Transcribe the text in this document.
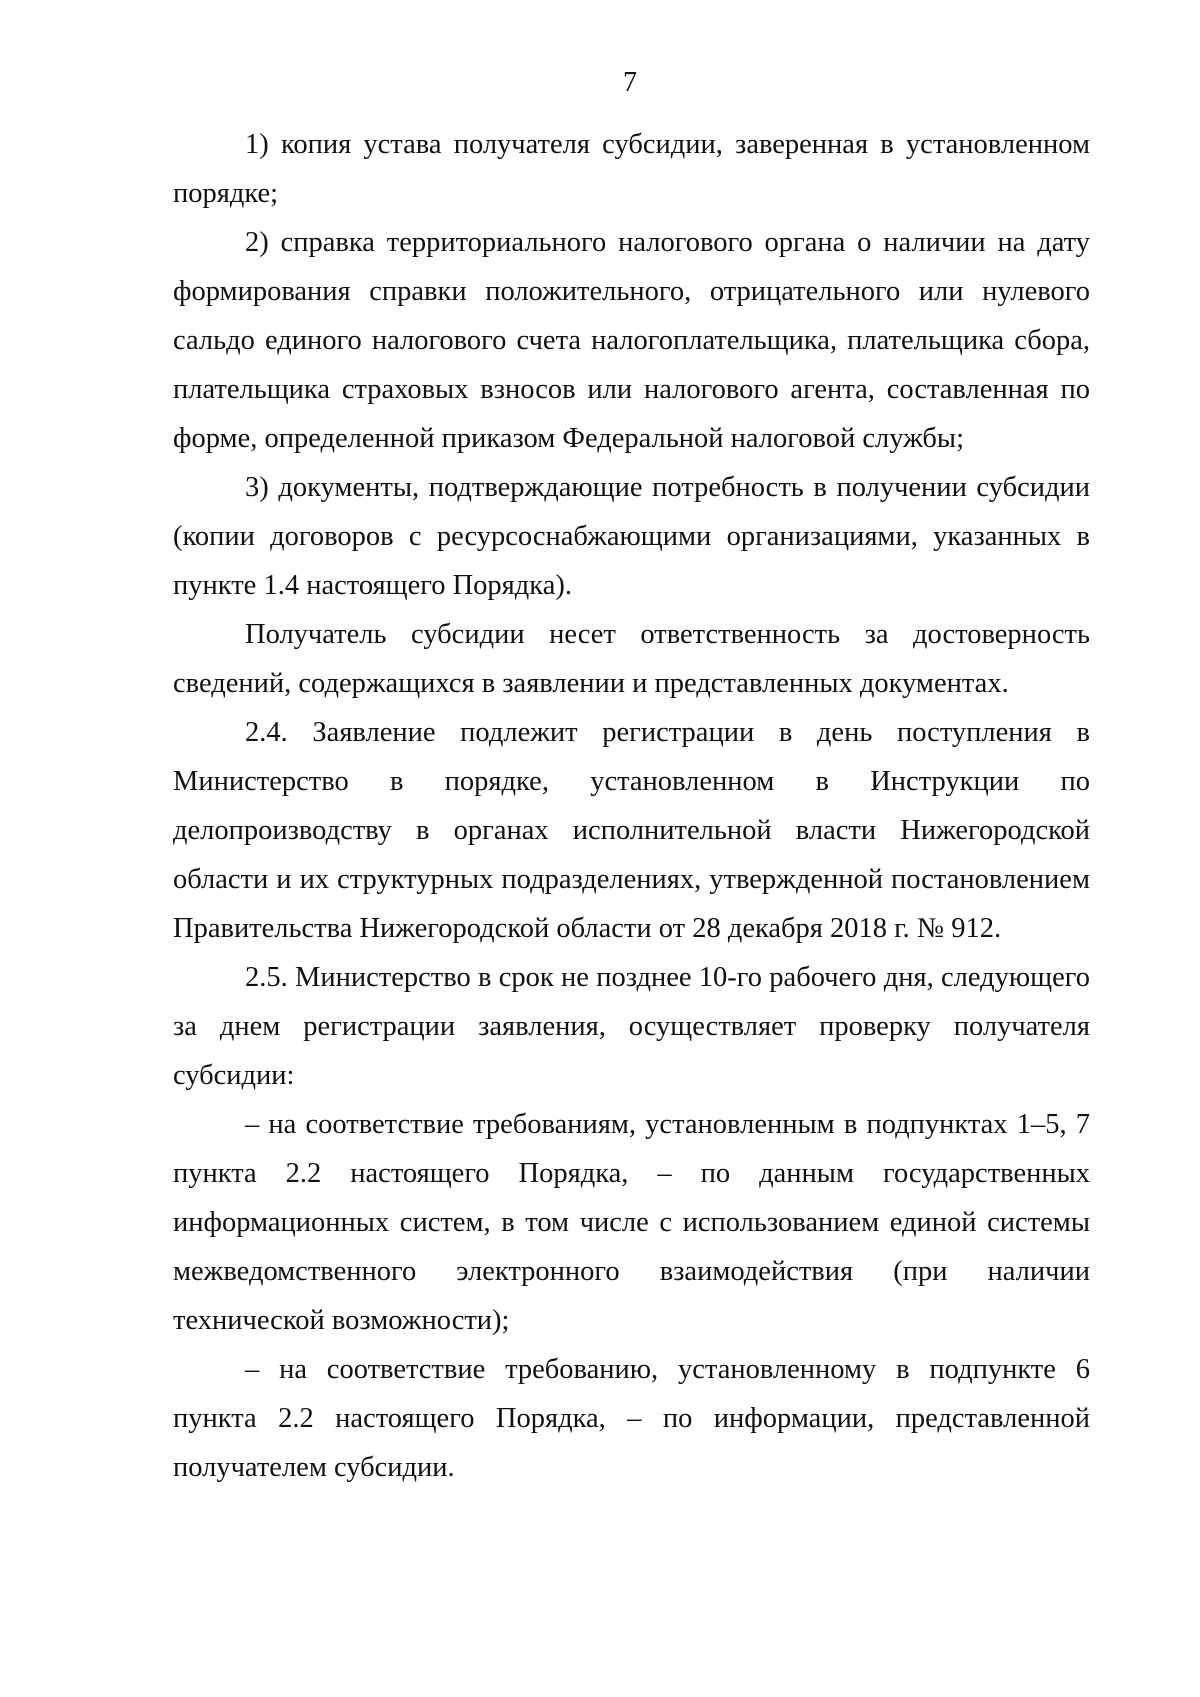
7

1) копия устава получателя субсидии, заверенная в установленном порядке;

2) справка территориального налогового органа о наличии на дату формирования справки положительного, отрицательного или нулевого сальдо единого налогового счета налогоплательщика, плательщика сбора, плательщика страховых взносов или налогового агента, составленная по форме, определенной приказом Федеральной налоговой службы;

3) документы, подтверждающие потребность в получении субсидии (копии договоров с ресурсоснабжающими организациями, указанных в пункте 1.4 настоящего Порядка).

Получатель субсидии несет ответственность за достоверность сведений, содержащихся в заявлении и представленных документах.

2.4. Заявление подлежит регистрации в день поступления в Министерство в порядке, установленном в Инструкции по делопроизводству в органах исполнительной власти Нижегородской области и их структурных подразделениях, утвержденной постановлением Правительства Нижегородской области от 28 декабря 2018 г. № 912.

2.5. Министерство в срок не позднее 10-го рабочего дня, следующего за днем регистрации заявления, осуществляет проверку получателя субсидии:

– на соответствие требованиям, установленным в подпунктах 1–5, 7 пункта 2.2 настоящего Порядка, – по данным государственных информационных систем, в том числе с использованием единой системы межведомственного электронного взаимодействия (при наличии технической возможности);

– на соответствие требованию, установленному в подпункте 6 пункта 2.2 настоящего Порядка, – по информации, представленной получателем субсидии.
